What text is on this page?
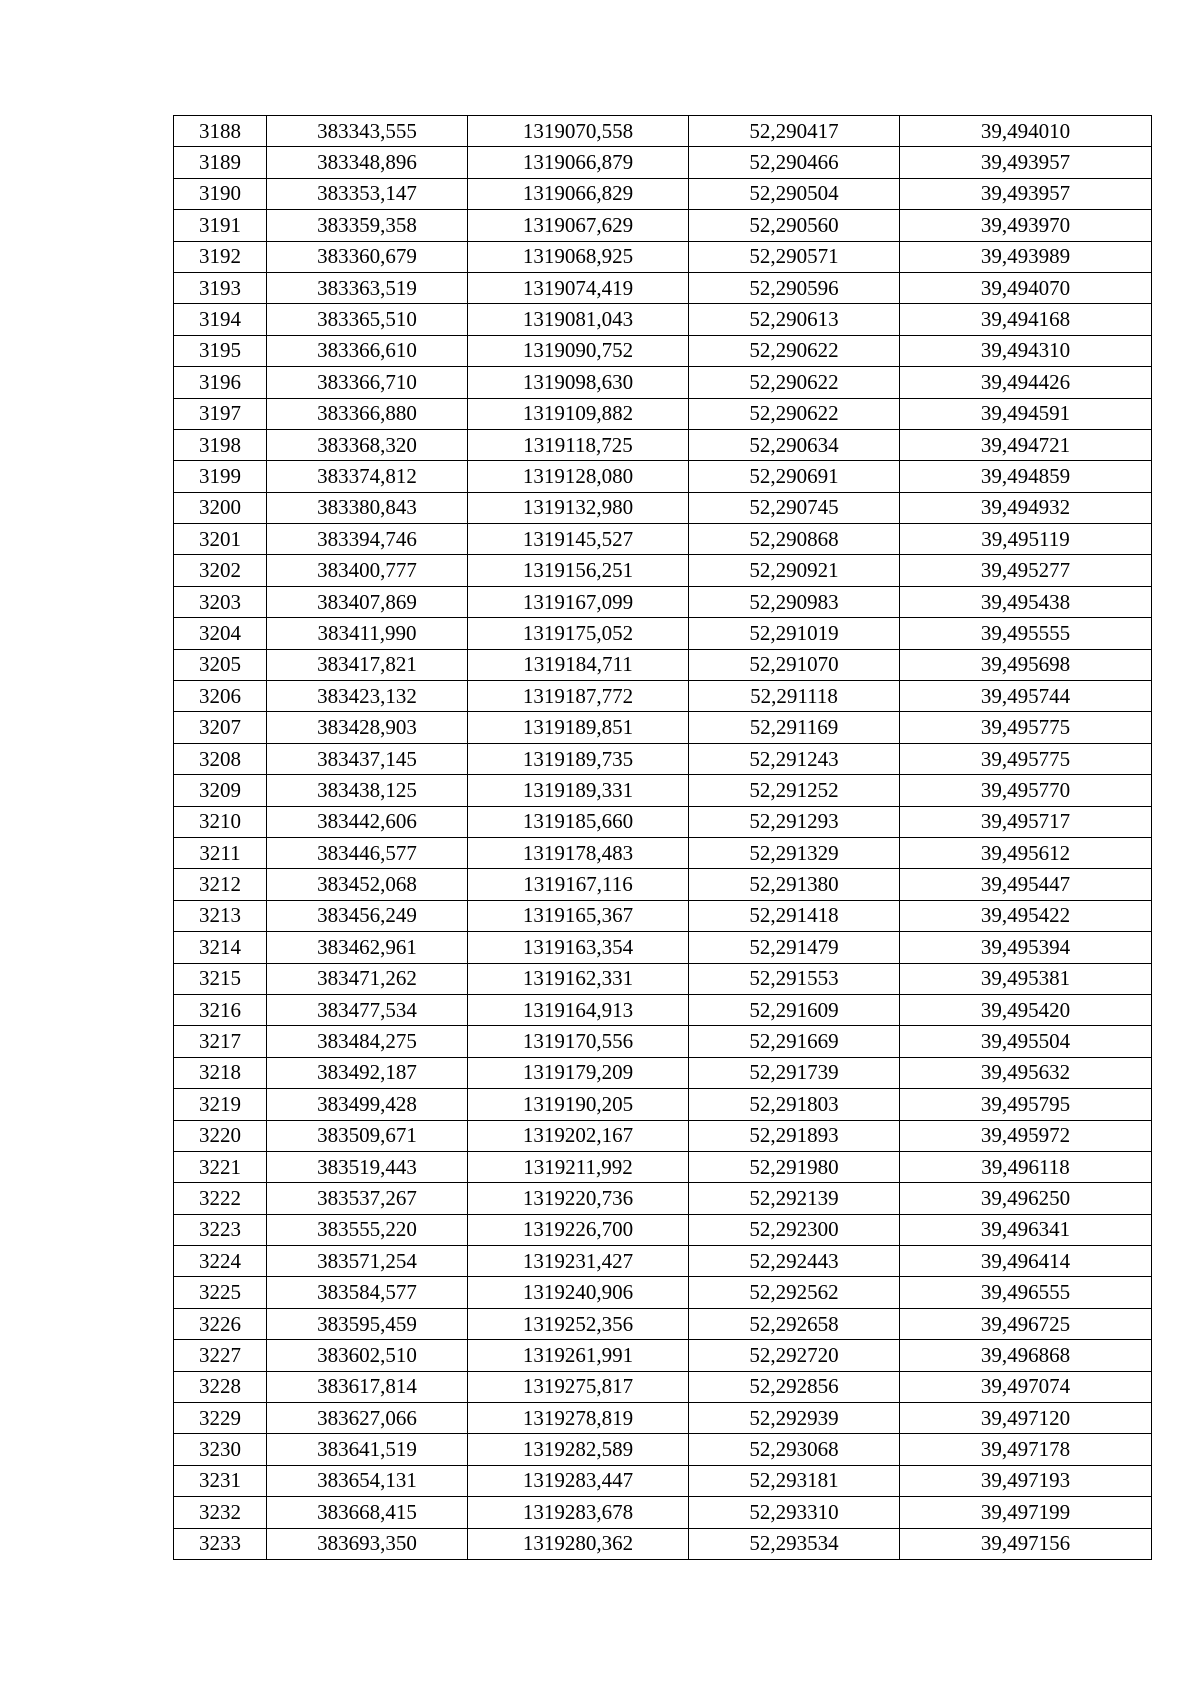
3188	383343,555	1319070,558	52,290417	39,494010
3189	383348,896	1319066,879	52,290466	39,493957
3190	383353,147	1319066,829	52,290504	39,493957
3191	383359,358	1319067,629	52,290560	39,493970
3192	383360,679	1319068,925	52,290571	39,493989
3193	383363,519	1319074,419	52,290596	39,494070
3194	383365,510	1319081,043	52,290613	39,494168
3195	383366,610	1319090,752	52,290622	39,494310
3196	383366,710	1319098,630	52,290622	39,494426
3197	383366,880	1319109,882	52,290622	39,494591
3198	383368,320	1319118,725	52,290634	39,494721
3199	383374,812	1319128,080	52,290691	39,494859
3200	383380,843	1319132,980	52,290745	39,494932
3201	383394,746	1319145,527	52,290868	39,495119
3202	383400,777	1319156,251	52,290921	39,495277
3203	383407,869	1319167,099	52,290983	39,495438
3204	383411,990	1319175,052	52,291019	39,495555
3205	383417,821	1319184,711	52,291070	39,495698
3206	383423,132	1319187,772	52,291118	39,495744
3207	383428,903	1319189,851	52,291169	39,495775
3208	383437,145	1319189,735	52,291243	39,495775
3209	383438,125	1319189,331	52,291252	39,495770
3210	383442,606	1319185,660	52,291293	39,495717
3211	383446,577	1319178,483	52,291329	39,495612
3212	383452,068	1319167,116	52,291380	39,495447
3213	383456,249	1319165,367	52,291418	39,495422
3214	383462,961	1319163,354	52,291479	39,495394
3215	383471,262	1319162,331	52,291553	39,495381
3216	383477,534	1319164,913	52,291609	39,495420
3217	383484,275	1319170,556	52,291669	39,495504
3218	383492,187	1319179,209	52,291739	39,495632
3219	383499,428	1319190,205	52,291803	39,495795
3220	383509,671	1319202,167	52,291893	39,495972
3221	383519,443	1319211,992	52,291980	39,496118
3222	383537,267	1319220,736	52,292139	39,496250
3223	383555,220	1319226,700	52,292300	39,496341
3224	383571,254	1319231,427	52,292443	39,496414
3225	383584,577	1319240,906	52,292562	39,496555
3226	383595,459	1319252,356	52,292658	39,496725
3227	383602,510	1319261,991	52,292720	39,496868
3228	383617,814	1319275,817	52,292856	39,497074
3229	383627,066	1319278,819	52,292939	39,497120
3230	383641,519	1319282,589	52,293068	39,497178
3231	383654,131	1319283,447	52,293181	39,497193
3232	383668,415	1319283,678	52,293310	39,497199
3233	383693,350	1319280,362	52,293534	39,497156
